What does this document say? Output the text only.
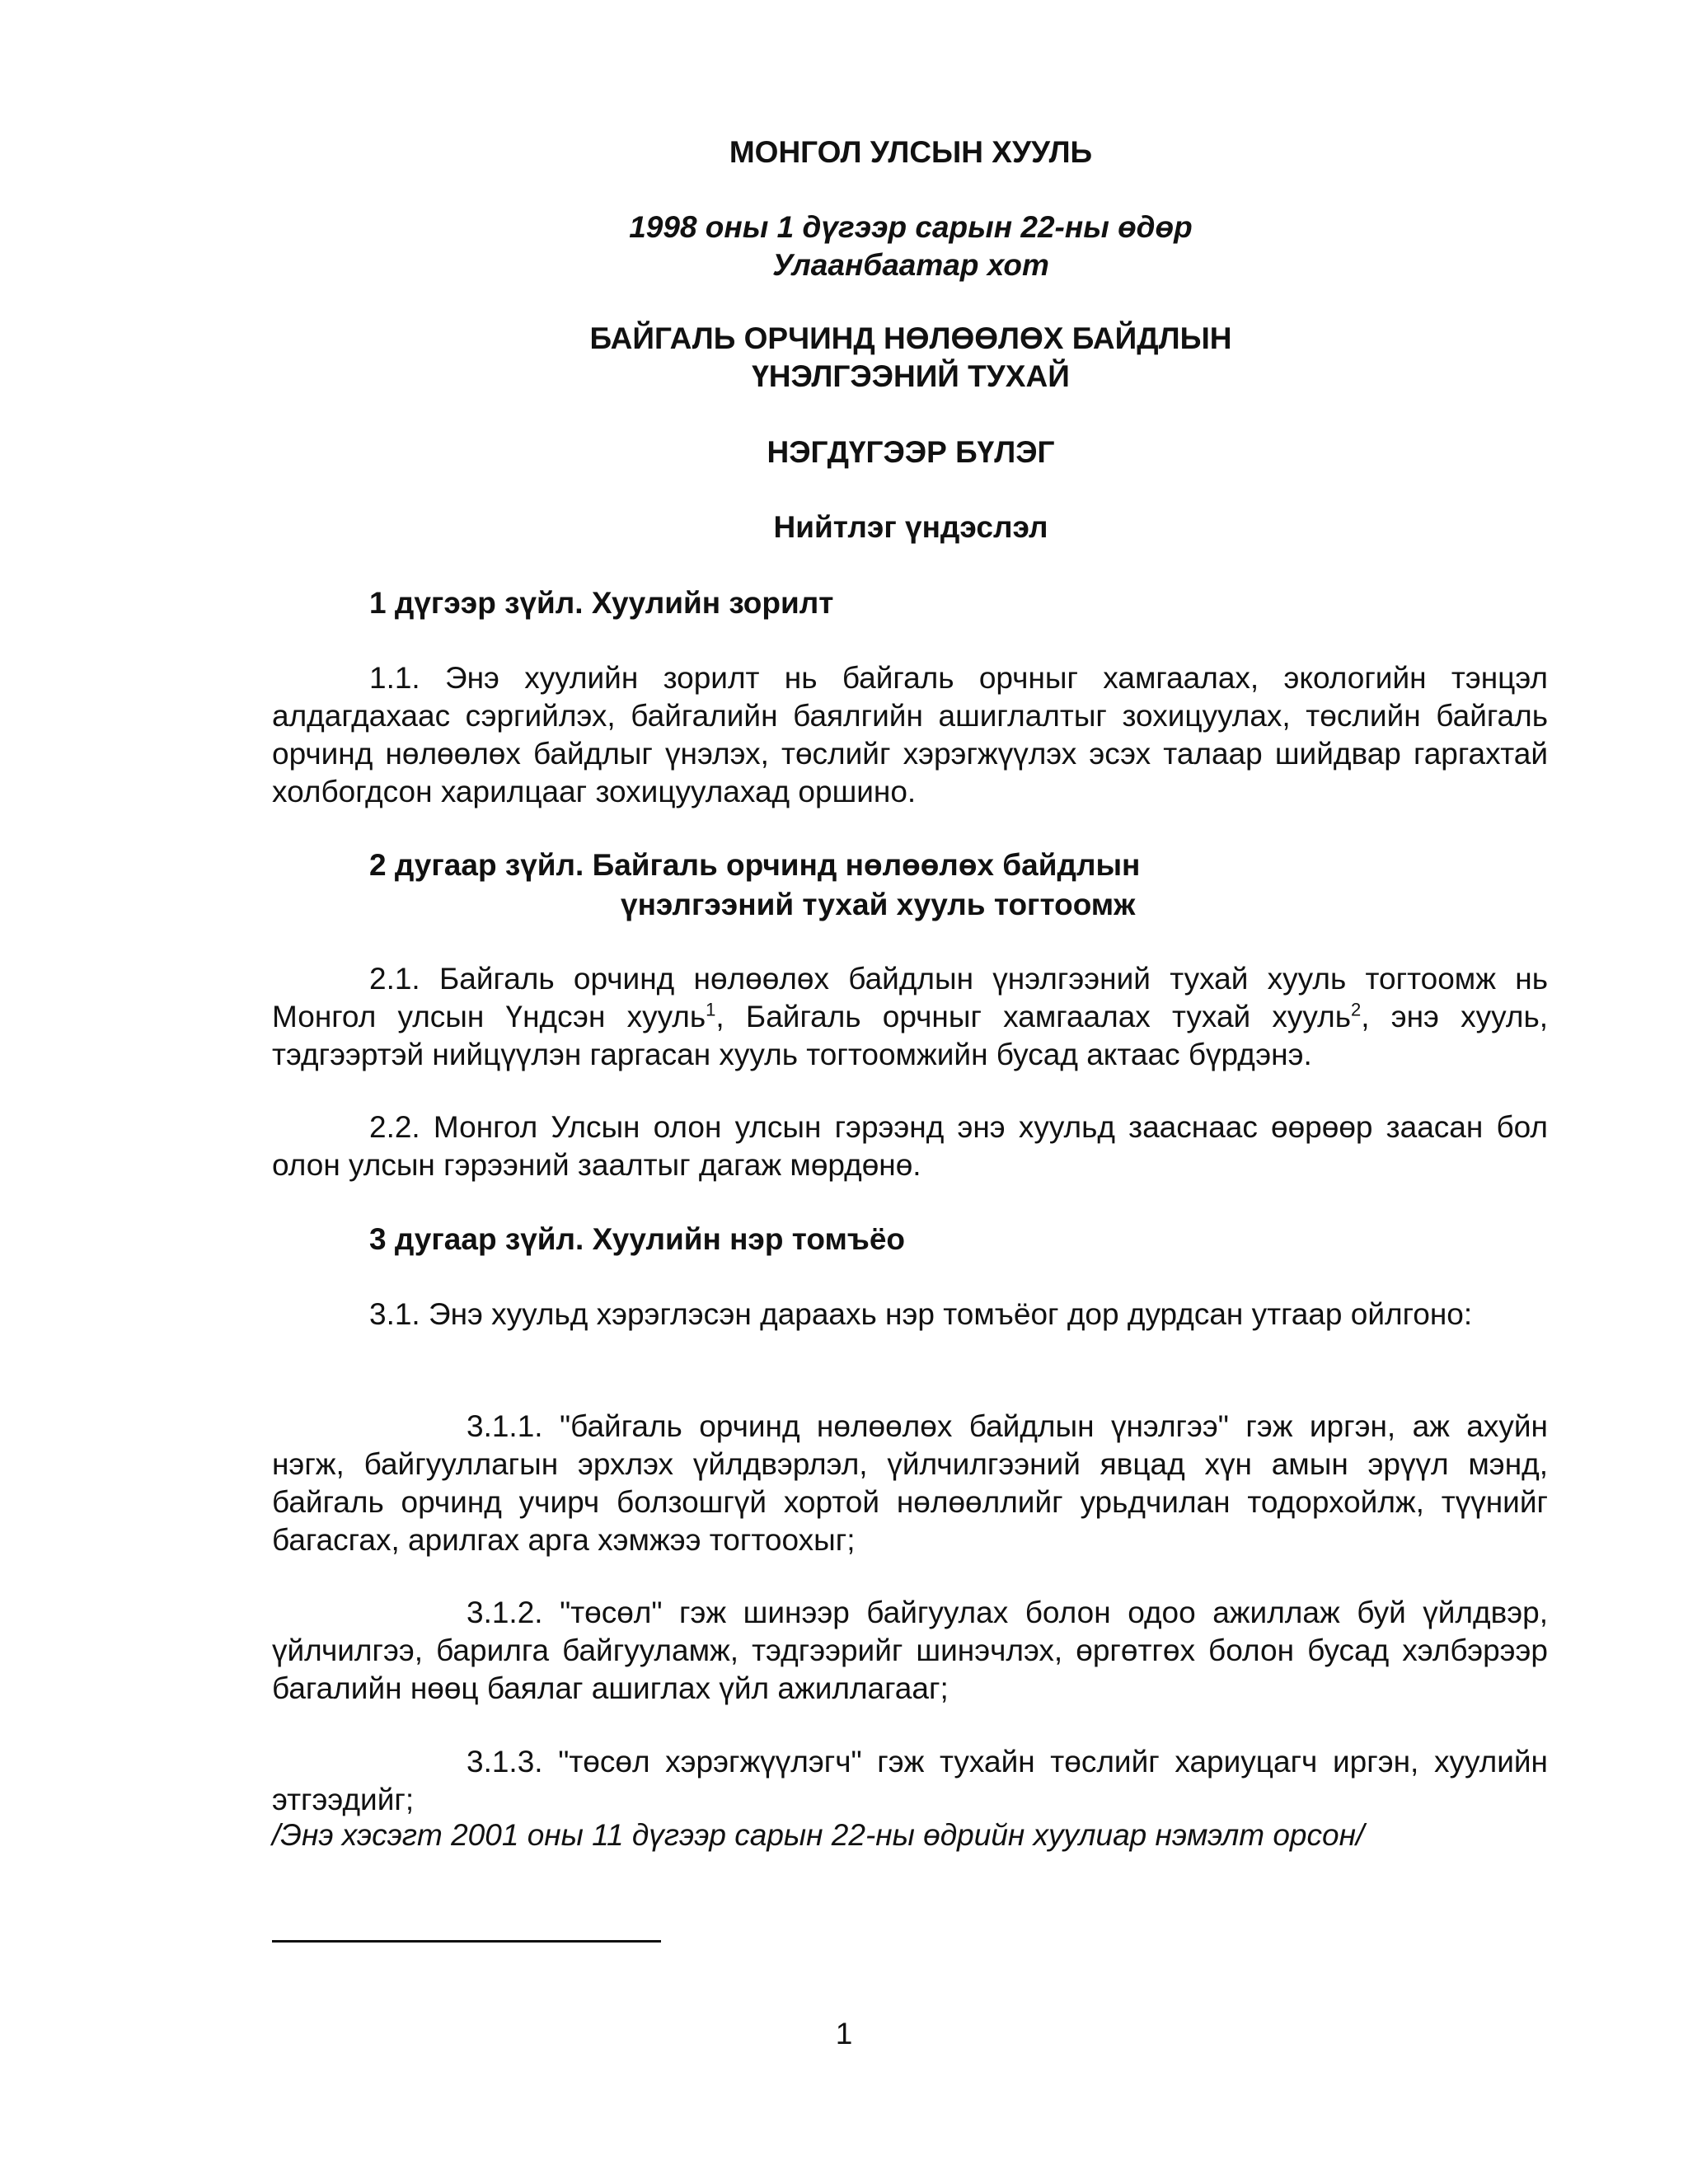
МОНГОЛ УЛСЫН ХУУЛЬ

1998 оны 1 дүгээр сарын 22-ны өдөр

Улаанбаатар хот

БАЙГАЛЬ ОРЧИНД НӨЛӨӨЛӨХ БАЙДЛЫН

ҮНЭЛГЭЭНИЙ ТУХАЙ

НЭГДҮГЭЭР БҮЛЭГ

Нийтлэг үндэслэл

1 дүгээр зүйл. Хуулийн зорилт

1.1. Энэ хуулийн зорилт нь байгаль орчныг хамгаалах, экологийн тэнцэл алдагдахаас сэргийлэх, байгалийн баялгийн ашиглалтыг зохицуулах, төслийн байгаль орчинд нөлөөлөх байдлыг үнэлэх, төслийг хэрэгжүүлэх эсэх талаар шийдвар гаргахтай холбогдсон харилцааг зохицуулахад оршино.

2 дугаар зүйл. Байгаль орчинд нөлөөлөх байдлын
үнэлгээний тухай хууль тогтоомж

2.1. Байгаль орчинд нөлөөлөх байдлын үнэлгээний тухай хууль тогтоомж нь Монгол улсын Үндсэн хууль$^1$, Байгаль орчныг хамгаалах тухай хууль$^2$, энэ хууль, тэдгээртэй нийцүүлэн гаргасан хууль тогтоомжийн бусад актаас бүрдэнэ.

2.2. Монгол Улсын олон улсын гэрээнд энэ хуульд зааснаас өөрөөр заасан бол олон улсын гэрээний заалтыг дагаж мөрдөнө.

3 дугаар зүйл. Хуулийн нэр томъёо

3.1. Энэ хуульд хэрэглэсэн дараахь нэр томъёог дор дурдсан утгаар ойлгоно:

3.1.1. "байгаль орчинд нөлөөлөх байдлын үнэлгээ" гэж иргэн, аж ахуйн нэгж, байгууллагын эрхлэх үйлдвэрлэл, үйлчилгээний явцад хүн амын эрүүл мэнд, байгаль орчинд учирч болзошгүй хортой нөлөөллийг урьдчилан тодорхойлж, түүнийг багасгах, арилгах арга хэмжээ тогтоохыг;

3.1.2. "төсөл" гэж шинээр байгуулах болон одоо ажиллаж буй үйлдвэр, үйлчилгээ, барилга байгууламж, тэдгээрийг шинэчлэх, өргөтгөх болон бусад хэлбэрээр багалийн нөөц баялаг ашиглах үйл ажиллагааг;

3.1.3. "төсөл хэрэгжүүлэгч" гэж тухайн төслийг хариуцагч иргэн, хуулийн этгээдийг;

/Энэ хэсэгт 2001 оны 11 дүгээр сарын 22-ны өдрийн хуулиар нэмэлт орсон/

1
